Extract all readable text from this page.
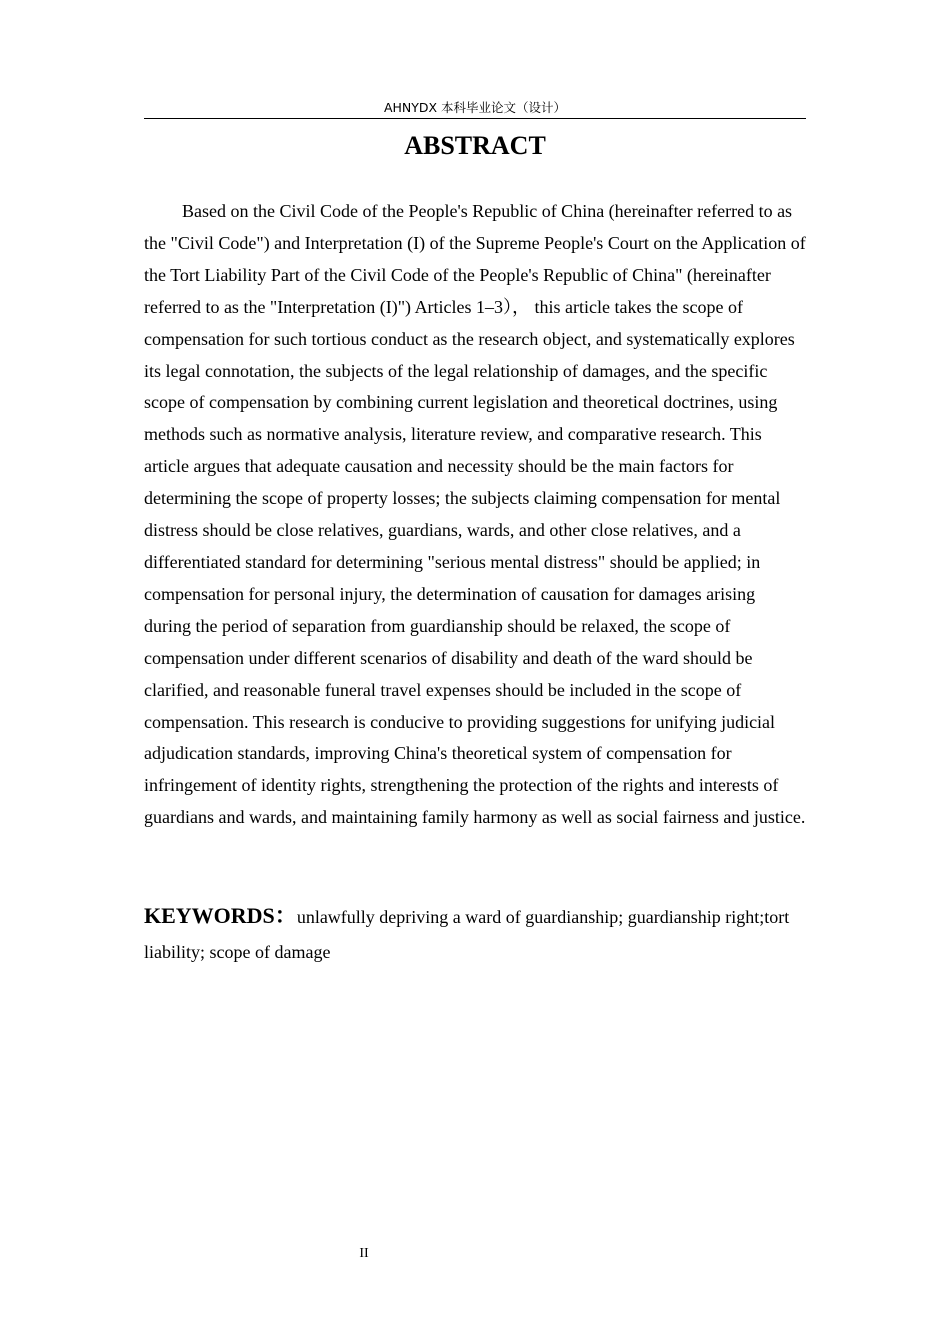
AHNYDX 本科毕业论文（设计）
ABSTRACT

Based on the Civil Code of the People's Republic of China (hereinafter referred to as the "Civil Code") and Interpretation (I) of the Supreme People's Court on the Application of the Tort Liability Part of the Civil Code of the People's Republic of China" (hereinafter referred to as the "Interpretation (I)") Articles 1–3）， this article takes the scope of compensation for such tortious conduct as the research object, and systematically explores its legal connotation, the subjects of the legal relationship of damages, and the specific scope of compensation by combining current legislation and theoretical doctrines, using methods such as normative analysis, literature review, and comparative research. This article argues that adequate causation and necessity should be the main factors for determining the scope of property losses; the subjects claiming compensation for mental distress should be close relatives, guardians, wards, and other close relatives, and a differentiated standard for determining "serious mental distress" should be applied; in compensation for personal injury, the determination of causation for damages arising during the period of separation from guardianship should be relaxed, the scope of compensation under different scenarios of disability and death of the ward should be clarified, and reasonable funeral travel expenses should be included in the scope of compensation. This research is conducive to providing suggestions for unifying judicial adjudication standards, improving China's theoretical system of compensation for infringement of identity rights, strengthening the protection of the rights and interests of guardians and wards, and maintaining family harmony as well as social fairness and justice.

KEYWORDS：unlawfully depriving a ward of guardianship; guardianship right;tort liability; scope of damage

II
